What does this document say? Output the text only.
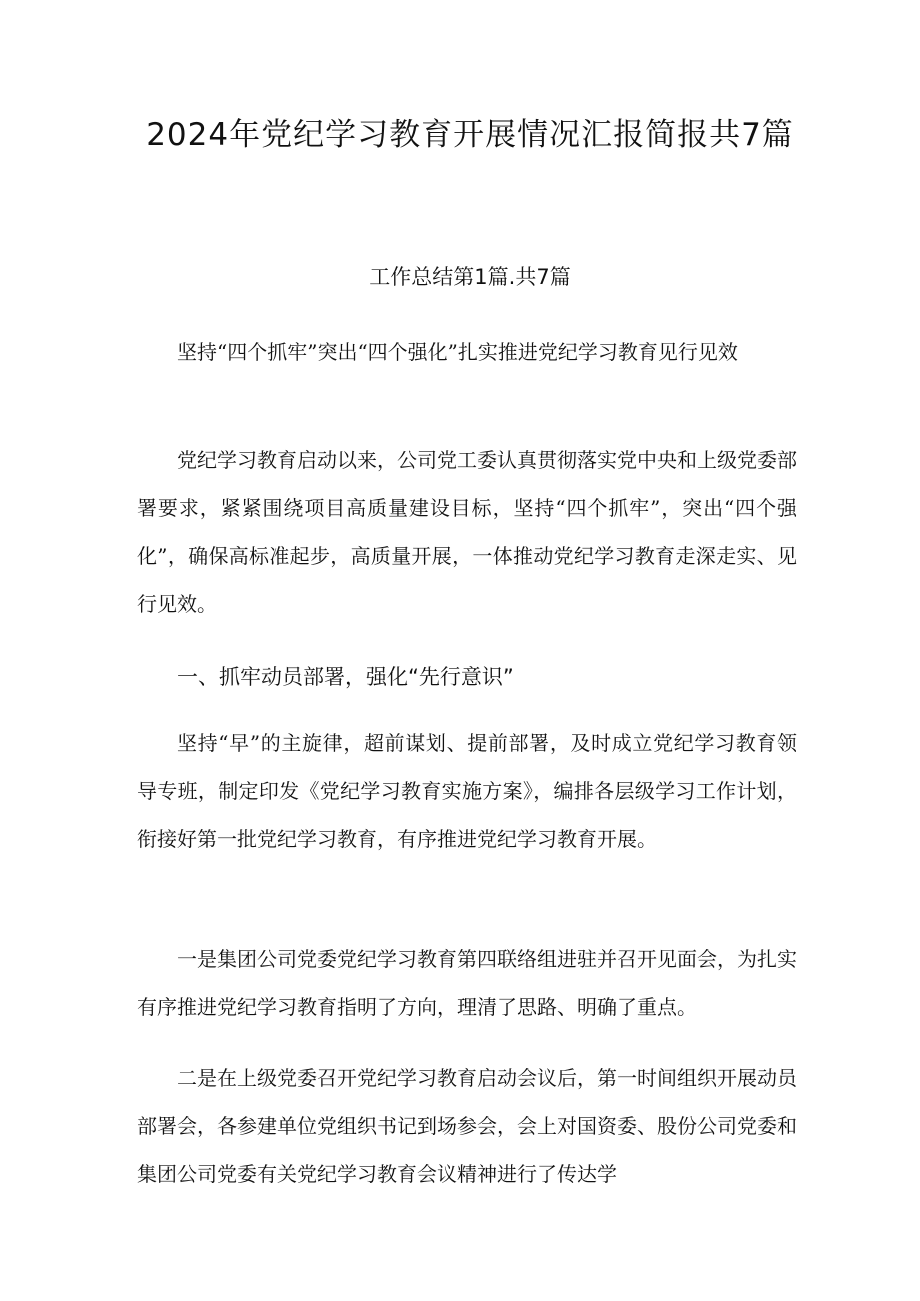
2024年党纪学习教育开展情况汇报简报共7篇
工作总结第1篇.共7篇

坚持“四个抓牢”突出“四个强化”扎实推进党纪学习教育见行见效

党纪学习教育启动以来，公司党工委认真贯彻落实党中央和上级党委部署要求，紧紧围绕项目高质量建设目标，坚持“四个抓牢”，突出“四个强化”，确保高标准起步，高质量开展，一体推动党纪学习教育走深走实、见行见效。

一、抓牢动员部署，强化“先行意识”

坚持“早”的主旋律，超前谋划、提前部署，及时成立党纪学习教育领导专班，制定印发《党纪学习教育实施方案》，编排各层级学习工作计划，衔接好第一批党纪学习教育，有序推进党纪学习教育开展。

一是集团公司党委党纪学习教育第四联络组进驻并召开见面会，为扎实有序推进党纪学习教育指明了方向，理清了思路、明确了重点。

二是在上级党委召开党纪学习教育启动会议后，第一时间组织开展动员部署会，各参建单位党组织书记到场参会，会上对国资委、股份公司党委和集团公司党委有关党纪学习教育会议精神进行了传达学
